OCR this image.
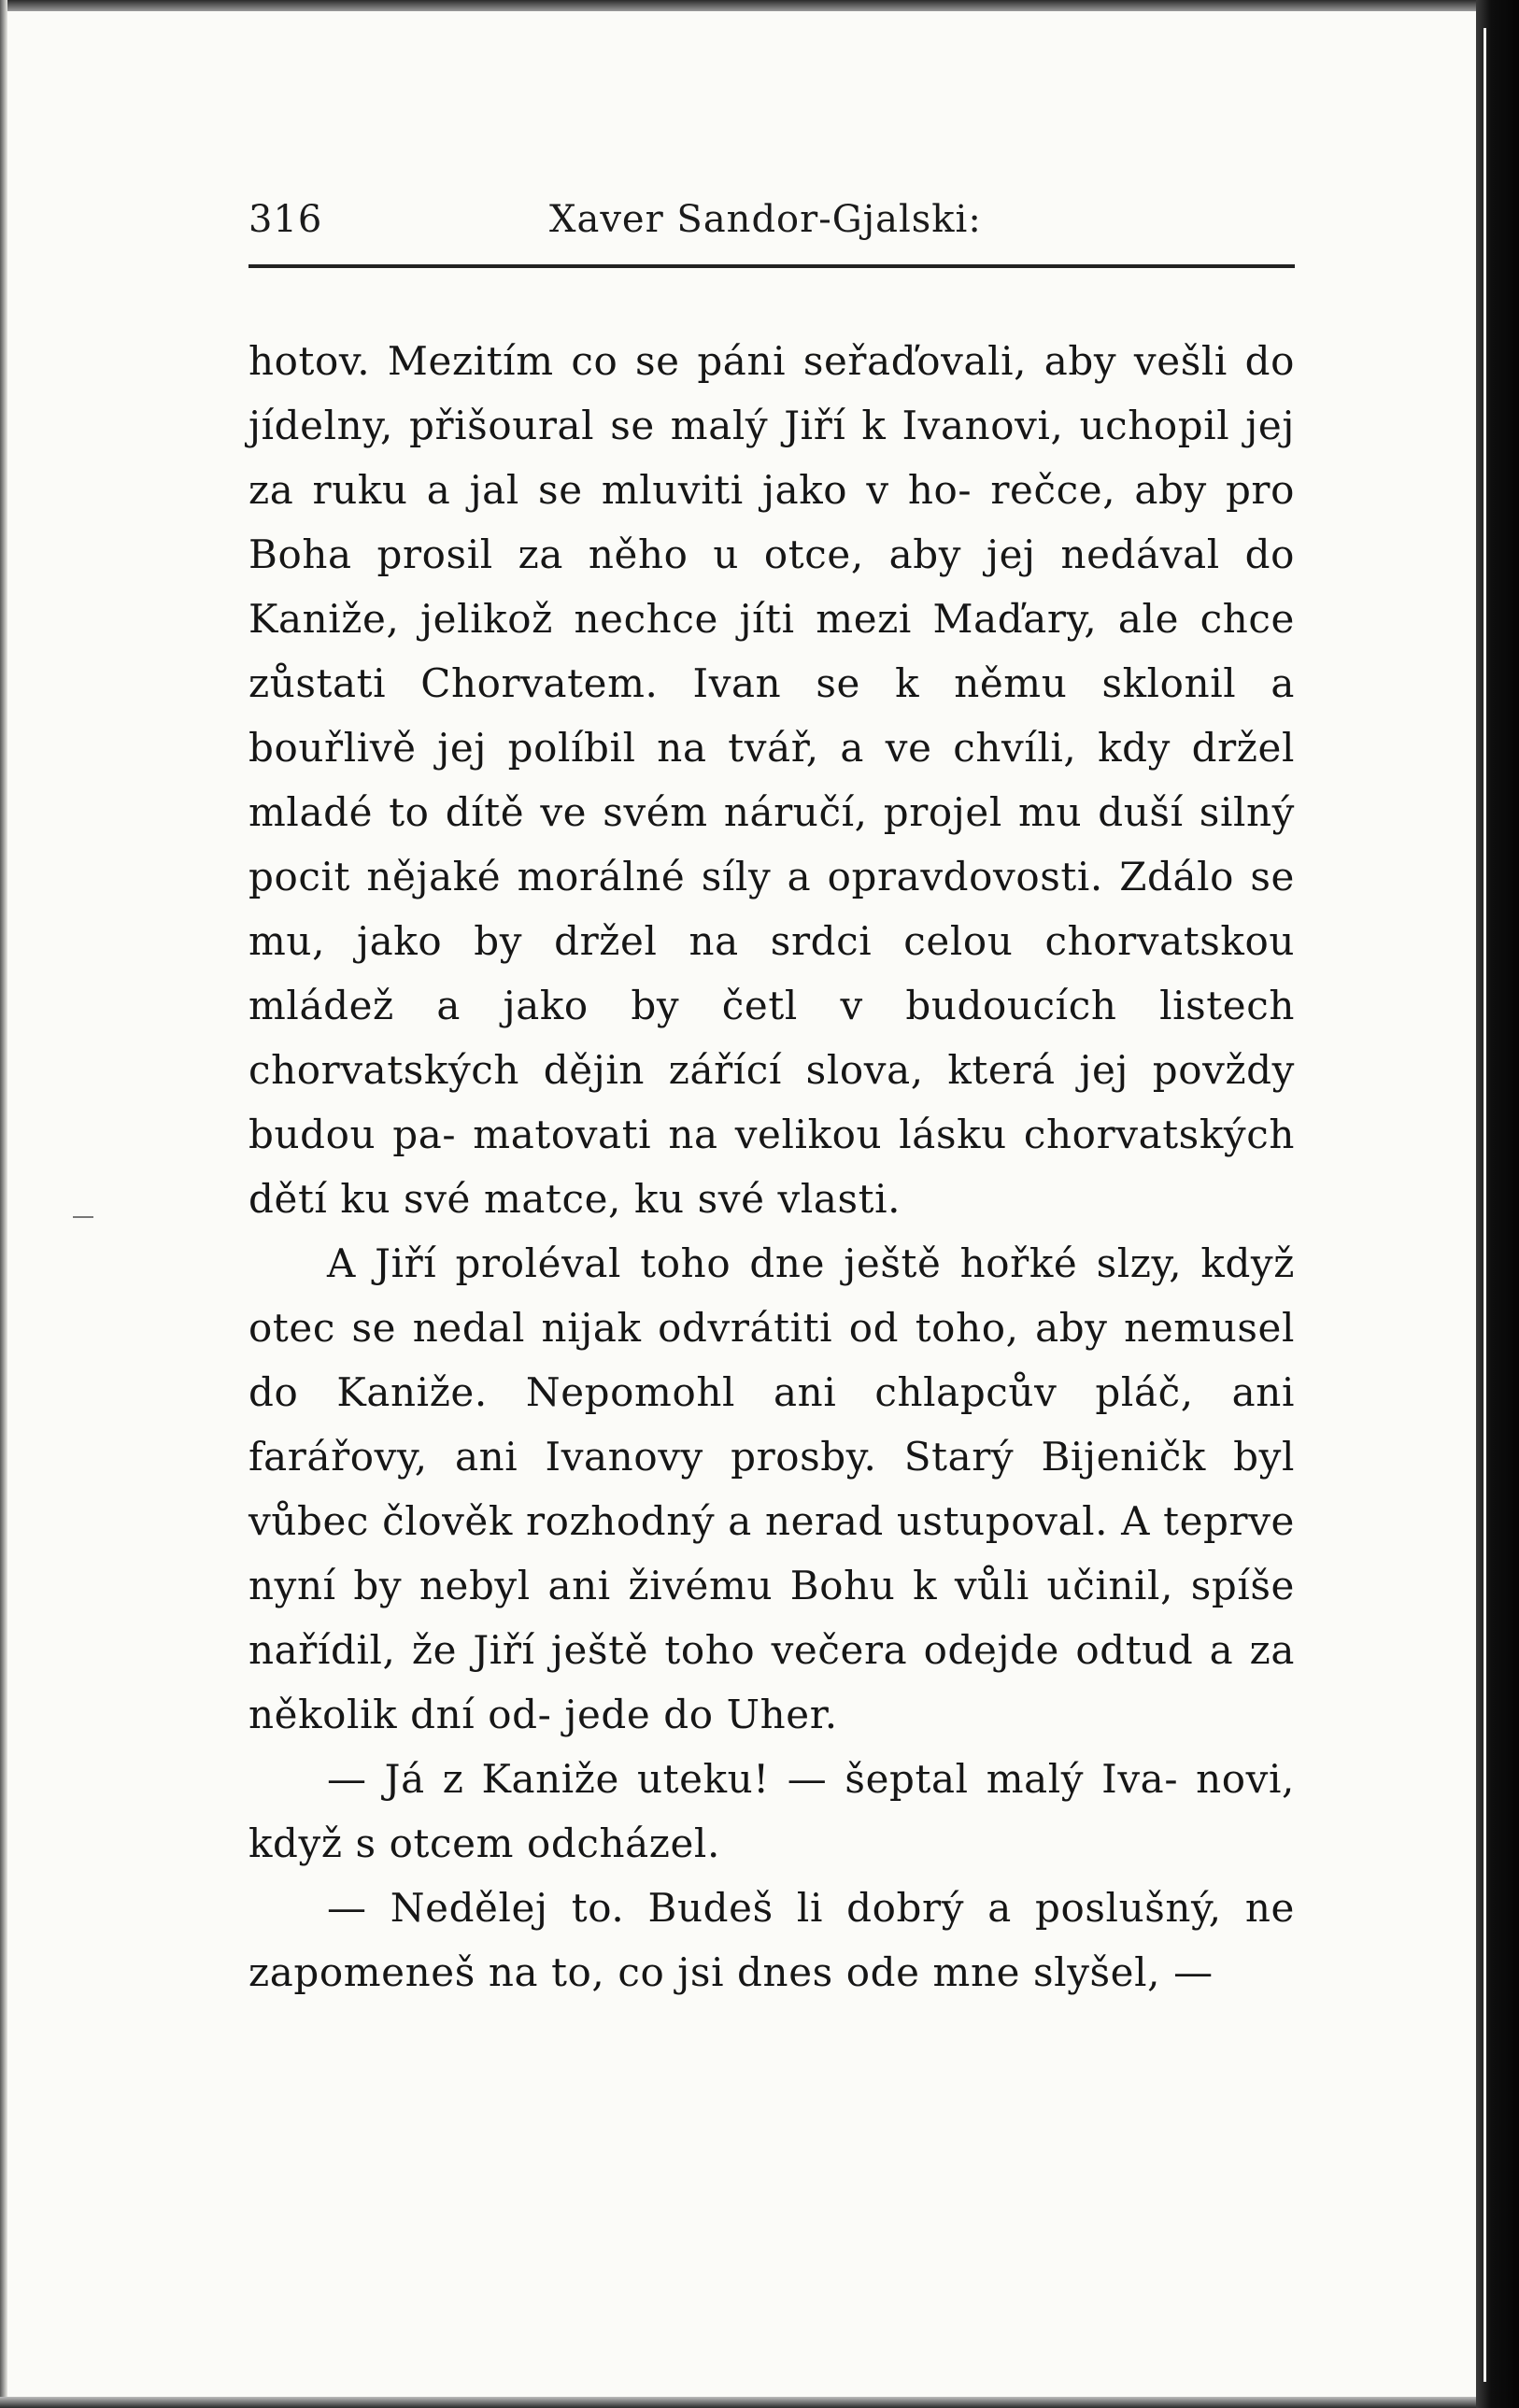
316	Xaver Sandor-Gjalski:

hotov. Mezitím co se páni seřaďovali, aby vešli do jídelny, přišoural se malý Jiří k Ivanovi, uchopil jej za ruku a jal se mluviti jako v ho- rečce, aby pro Boha prosil za něho u otce, aby jej nedával do Kaniže, jelikož nechce jíti mezi Maďary, ale chce zůstati Chorvatem. Ivan se k němu sklonil a bouřlivě jej políbil na tvář, a ve chvíli, kdy držel mladé to dítě ve svém náručí, projel mu duší silný pocit nějaké morálné síly a opravdovosti. Zdálo se mu, jako by držel na srdci celou chorvatskou mládež a jako by četl v budoucích listech chorvatských dějin zářící slova, která jej povždy budou pa- matovati na velikou lásku chorvatských dětí ku své matce, ku své vlasti.

A Jiří proléval toho dne ještě hořké slzy, když otec se nedal nijak odvrátiti od toho, aby nemusel do Kaniže. Nepomohl ani chlapcův pláč, ani farářovy, ani Ivanovy prosby. Starý Bijeničk byl vůbec člověk rozhodný a nerad ustupoval. A teprve nyní by nebyl ani živému Bohu k vůli učinil, spíše nařídil, že Jiří ještě toho večera odejde odtud a za několik dní od- jede do Uher.

— Já z Kaniže uteku! — šeptal malý Iva- novi, když s otcem odcházel.

— Nedělej to. Budeš li dobrý a poslušný, ne zapomeneš na to, co jsi dnes ode mne slyšel, —
